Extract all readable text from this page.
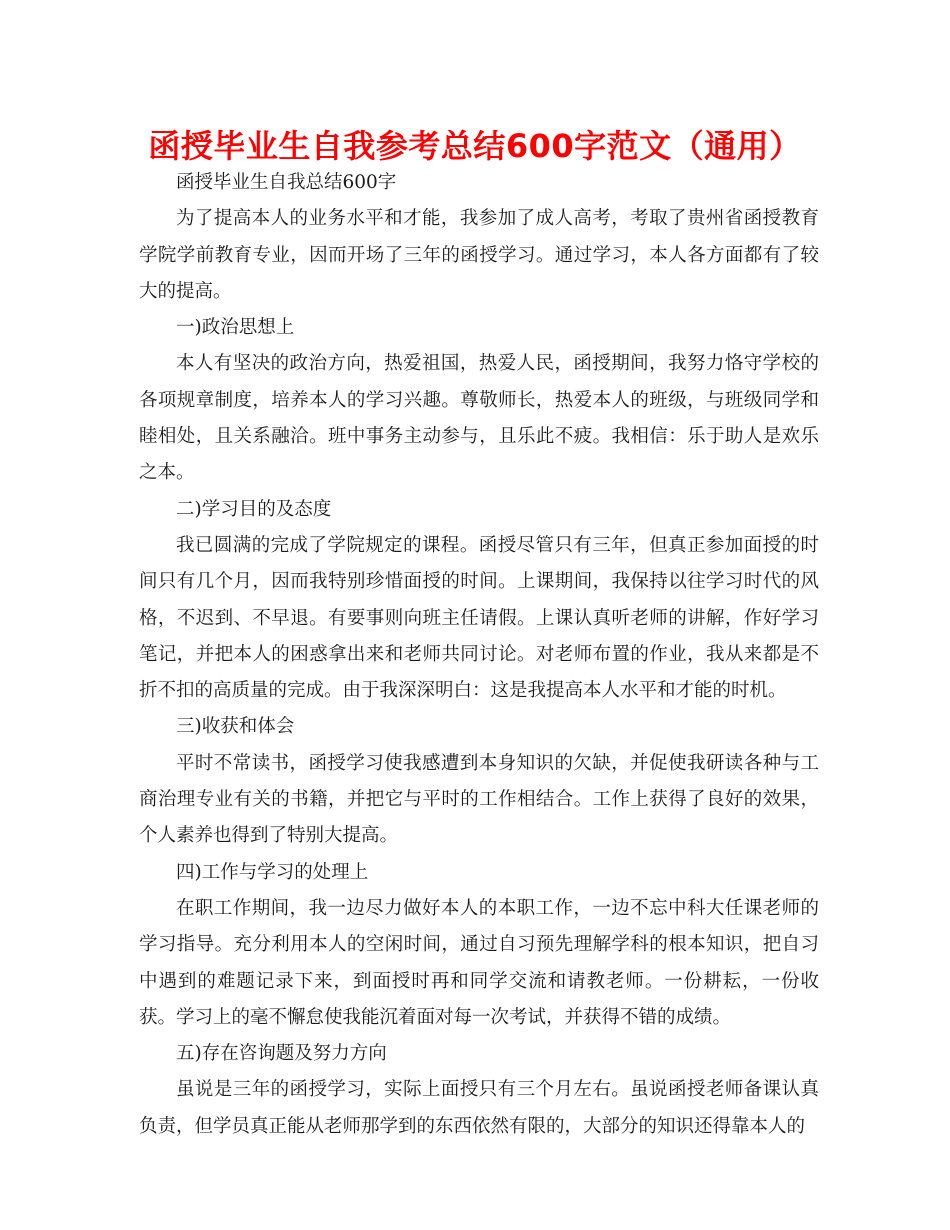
函授毕业生自我参考总结600字范文（通用）

函授毕业生自我总结600字

为了提高本人的业务水平和才能，我参加了成人高考，考取了贵州省函授教育学院学前教育专业，因而开场了三年的函授学习。通过学习，本人各方面都有了较大的提高。

一)政治思想上

本人有坚决的政治方向，热爱祖国，热爱人民，函授期间，我努力恪守学校的各项规章制度，培养本人的学习兴趣。尊敬师长，热爱本人的班级，与班级同学和睦相处，且关系融洽。班中事务主动参与，且乐此不疲。我相信：乐于助人是欢乐之本。

二)学习目的及态度

我已圆满的完成了学院规定的课程。函授尽管只有三年，但真正参加面授的时间只有几个月，因而我特别珍惜面授的时间。上课期间，我保持以往学习时代的风格，不迟到、不早退。有要事则向班主任请假。上课认真听老师的讲解，作好学习笔记，并把本人的困惑拿出来和老师共同讨论。对老师布置的作业，我从来都是不折不扣的高质量的完成。由于我深深明白：这是我提高本人水平和才能的时机。

三)收获和体会

平时不常读书，函授学习使我感遭到本身知识的欠缺，并促使我研读各种与工商治理专业有关的书籍，并把它与平时的工作相结合。工作上获得了良好的效果，个人素养也得到了特别大提高。

四)工作与学习的处理上

在职工作期间，我一边尽力做好本人的本职工作，一边不忘中科大任课老师的学习指导。充分利用本人的空闲时间，通过自习预先理解学科的根本知识，把自习中遇到的难题记录下来，到面授时再和同学交流和请教老师。一份耕耘，一份收获。学习上的毫不懈怠使我能沉着面对每一次考试，并获得不错的成绩。

五)存在咨询题及努力方向

虽说是三年的函授学习，实际上面授只有三个月左右。虽说函授老师备课认真负责，但学员真正能从老师那学到的东西依然有限的，大部分的知识还得靠本人的
